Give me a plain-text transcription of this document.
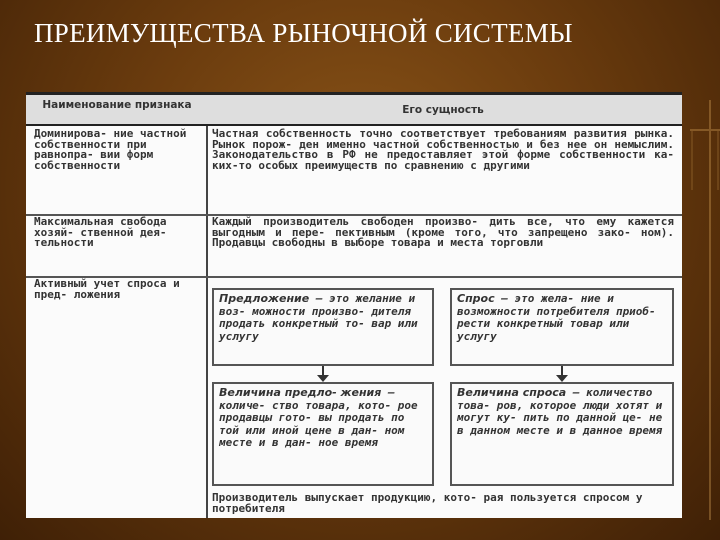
ПРЕИМУЩЕСТВА РЫНОЧНОЙ СИСТЕМЫ
Наименование признака	Его сущность
Доминирова- ние частной собственности при равнопра- вии форм собственности
Частная собственность точно соответствует требованиям развития рынка. Рынок порож- ден именно частной собственностью и без нее он немыслим. Законодательство в РФ не предоставляет этой форме собственности ка- ких-то особых преимуществ по сравнению с другими
Максимальная свобода хозяй- ственной дея- тельности
Каждый производитель свободен произво- дить все, что ему кажется выгодным и пере- пективным (кроме того, что запрещено зако- ном). Продавцы свободны в выборе товара и места торговли
Активный учет спроса и пред- ложения	Предложение — это желание и воз- можности произво- дителя продать конкретный то- вар или услугу
Спрос — это жела- ние и возможности потребителя приоб- рести конкретный товар или услугу
Величина предло- жения — количе- ство товара, кото- рое продавцы гото- вы продать по той или иной цене в дан- ном месте и в дан- ное время
Величина спроса — количество това- ров, которое люди хотят и могут ку- пить по данной це- не в данном месте и в данное время
Производитель выпускает продукцию, кото- рая пользуется спросом у потребителя
